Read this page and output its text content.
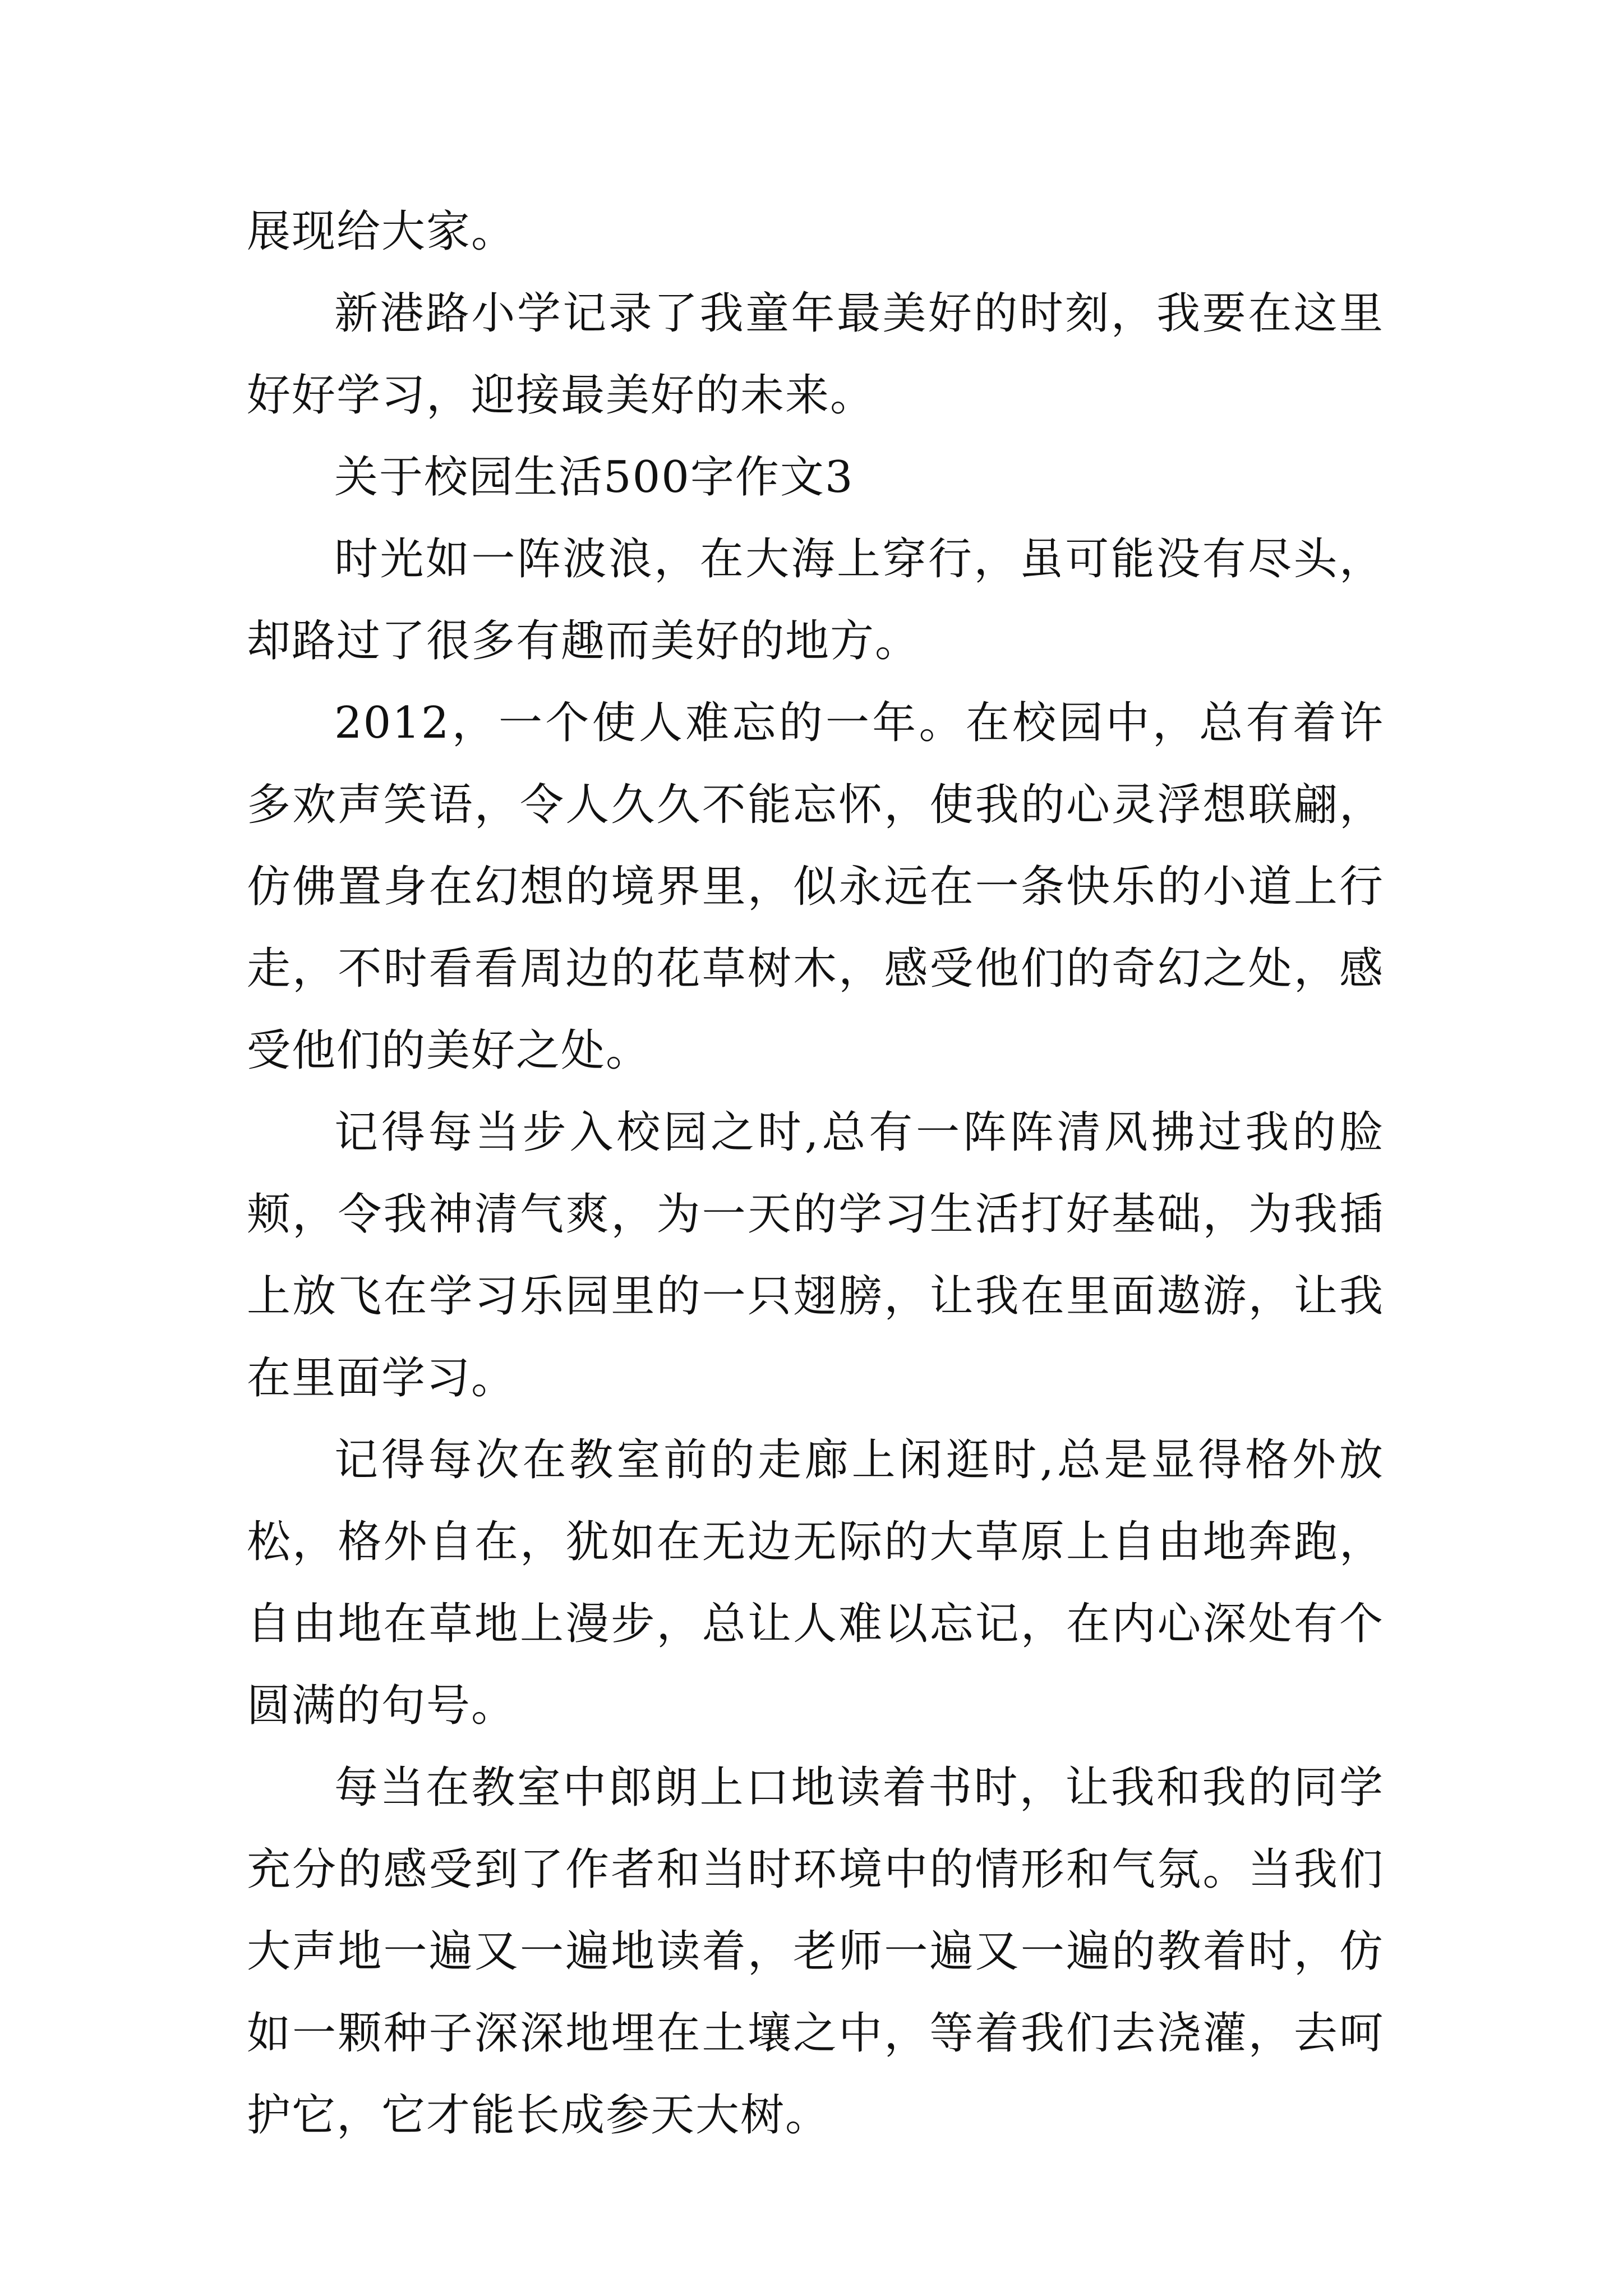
展现给大家。

新港路小学记录了我童年最美好的时刻，我要在这里好好学习，迎接最美好的未来。

关于校园生活500字作文3

时光如一阵波浪，在大海上穿行，虽可能没有尽头，却路过了很多有趣而美好的地方。

2012，一个使人难忘的一年。在校园中，总有着许多欢声笑语，令人久久不能忘怀，使我的心灵浮想联翩，仿佛置身在幻想的境界里，似永远在一条快乐的小道上行走，不时看看周边的花草树木，感受他们的奇幻之处，感受他们的美好之处。

记得每当步入校园之时,总有一阵阵清风拂过我的脸颊，令我神清气爽，为一天的学习生活打好基础，为我插上放飞在学习乐园里的一只翅膀，让我在里面遨游，让我在里面学习。

记得每次在教室前的走廊上闲逛时,总是显得格外放松，格外自在，犹如在无边无际的大草原上自由地奔跑，自由地在草地上漫步，总让人难以忘记，在内心深处有个圆满的句号。

每当在教室中郎朗上口地读着书时，让我和我的同学充分的感受到了作者和当时环境中的情形和气氛。当我们大声地一遍又一遍地读着，老师一遍又一遍的教着时，仿如一颗种子深深地埋在土壤之中，等着我们去浇灌，去呵护它，它才能长成参天大树。
